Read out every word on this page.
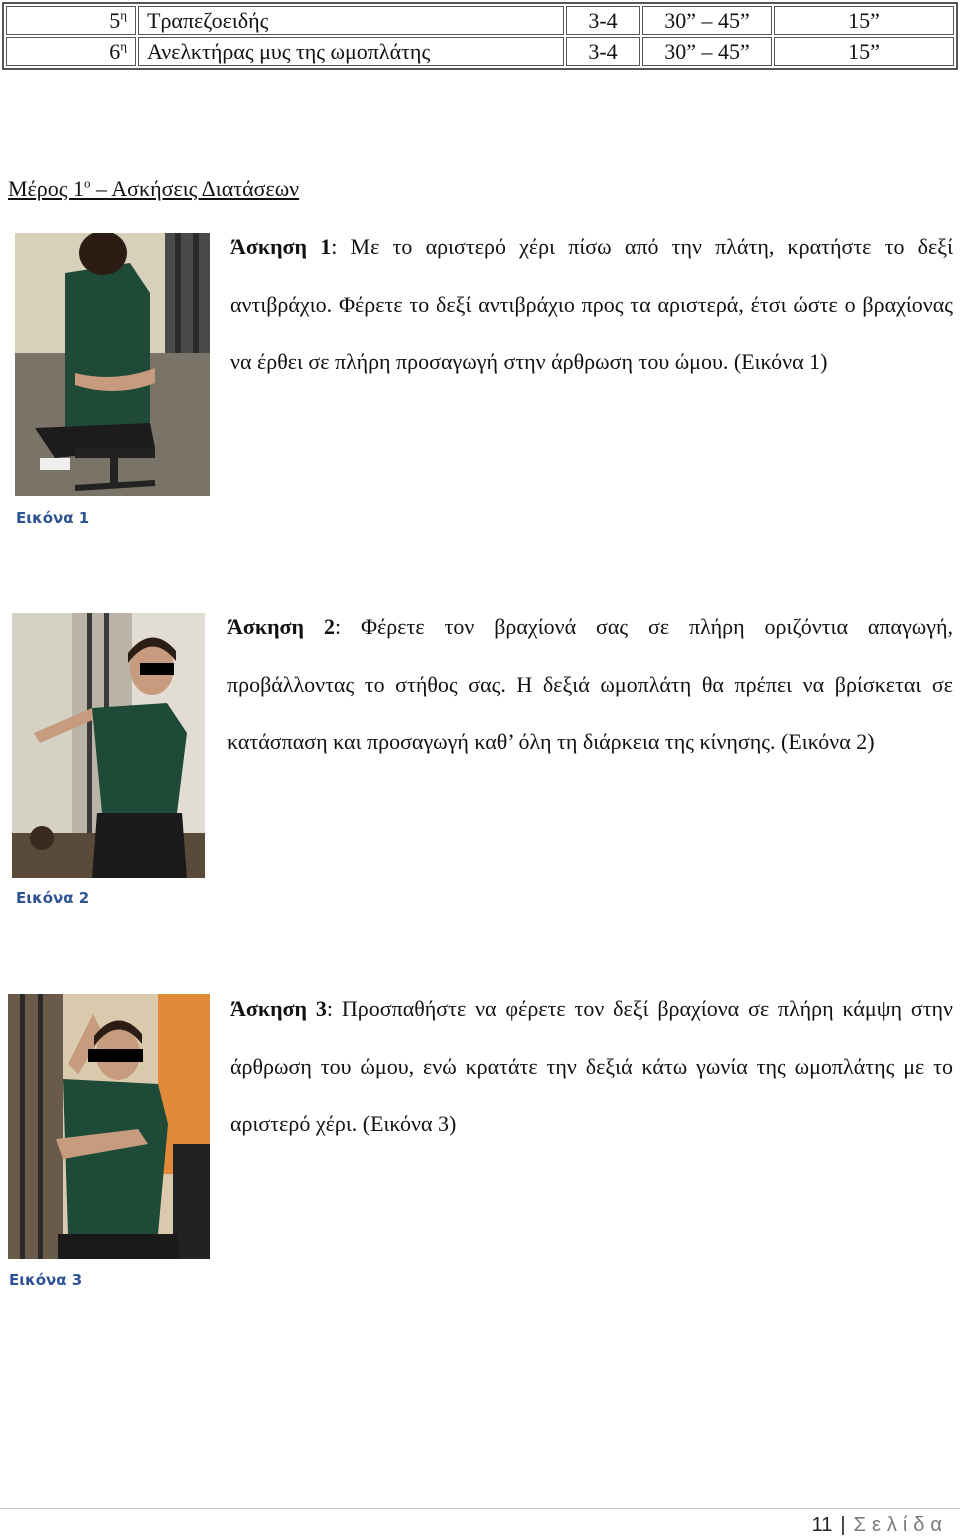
$5^\eta$	Τραπεζοειδής	3-4	30” – 45”	15”
$6^\eta$	Ανελκτήρας μυς της ωμοπλάτης	3-4	30” – 45”	15”
Μέρος $1^o$ – Ασκήσεις Διατάσεων
Άσκηση 1: Με το αριστερό χέρι πίσω από την πλάτη, κρατήστε το δεξί αντιβράχιο. Φέρετε το δεξί αντιβράχιο προς τα αριστερά, έτσι ώστε ο βραχίονας να έρθει σε πλήρη προσαγωγή στην άρθρωση του ώμου. (Εικόνα 1)
Εικόνα 1
Άσκηση 2: Φέρετε τον βραχίονά σας σε πλήρη οριζόντια απαγωγή, προβάλλοντας το στήθος σας. Η δεξιά ωμοπλάτη θα πρέπει να βρίσκεται σε κατάσπαση και προσαγωγή καθ’ όλη τη διάρκεια της κίνησης. (Εικόνα 2)
Εικόνα 2
Άσκηση 3: Προσπαθήστε να φέρετε τον δεξί βραχίονα σε πλήρη κάμψη στην άρθρωση του ώμου, ενώ κρατάτε την δεξιά κάτω γωνία της ωμοπλάτης με το αριστερό χέρι. (Εικόνα 3)
Εικόνα 3
11 | Σελίδα
